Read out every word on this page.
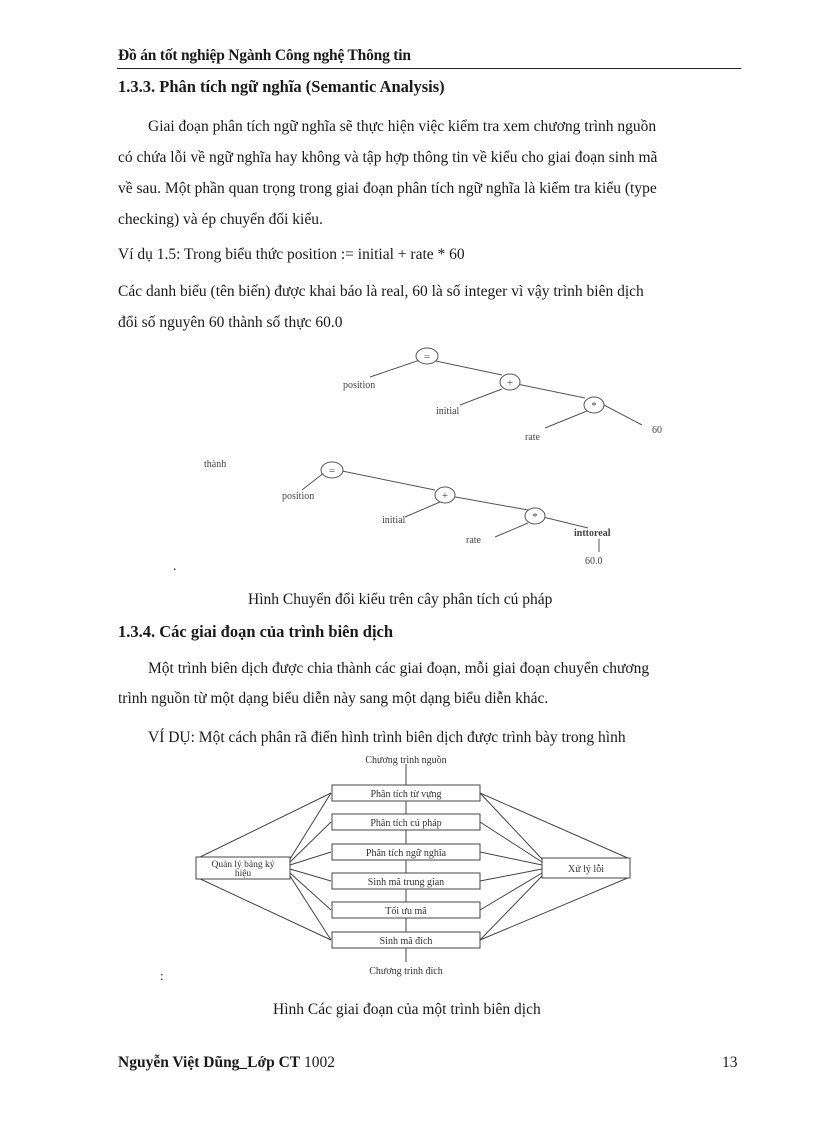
Đồ án tốt nghiệp Ngành Công nghệ Thông tin
1.3.3. Phân tích ngữ nghĩa (Semantic Analysis)
Giai đoạn phân tích ngữ nghĩa sẽ thực hiện việc kiểm tra xem chương trình nguồn
có chứa lỗi về ngữ nghĩa hay không và tập hợp thông tin về kiểu cho giai đoạn sinh mã
về sau. Một phần quan trọng trong giai đoạn phân tích ngữ nghĩa là kiểm tra kiểu (type
checking) và ép chuyển đổi kiểu.
Ví dụ 1.5: Trong biểu thức position := initial + rate * 60
Các danh biểu (tên biến) được khai báo là real, 60 là số integer vì vậy trình biên dịch
đổi số nguyên 60 thành số thực 60.0
=
+
*
position
initial
rate
60
thành
=
+
*
position
initial
rate
inttoreal
60.0
.
Hình Chuyển đổi kiểu trên cây phân tích cú pháp
1.3.4. Các giai đoạn của trình biên dịch
Một trình biên dịch được chia thành các giai đoạn, mỗi giai đoạn chuyển chương
trình nguồn từ một dạng biểu diễn này sang một dạng biểu diễn khác.
VÍ DỤ: Một cách phân rã điển hình trình biên dịch được trình bày trong hình
Chương trình nguồn
Phân tích từ vựng
Phân tích cú pháp
Phân tích ngữ nghĩa
Sinh mã trung gian
Tối ưu mã
Sinh mã đích
Chương trình đích
Quản lý bảng ký
hiệu	Xử lý lỗi
:
Hình Các giai đoạn của một trình biên dịch
Nguyễn Việt Dũng_Lớp CT 1002	13
